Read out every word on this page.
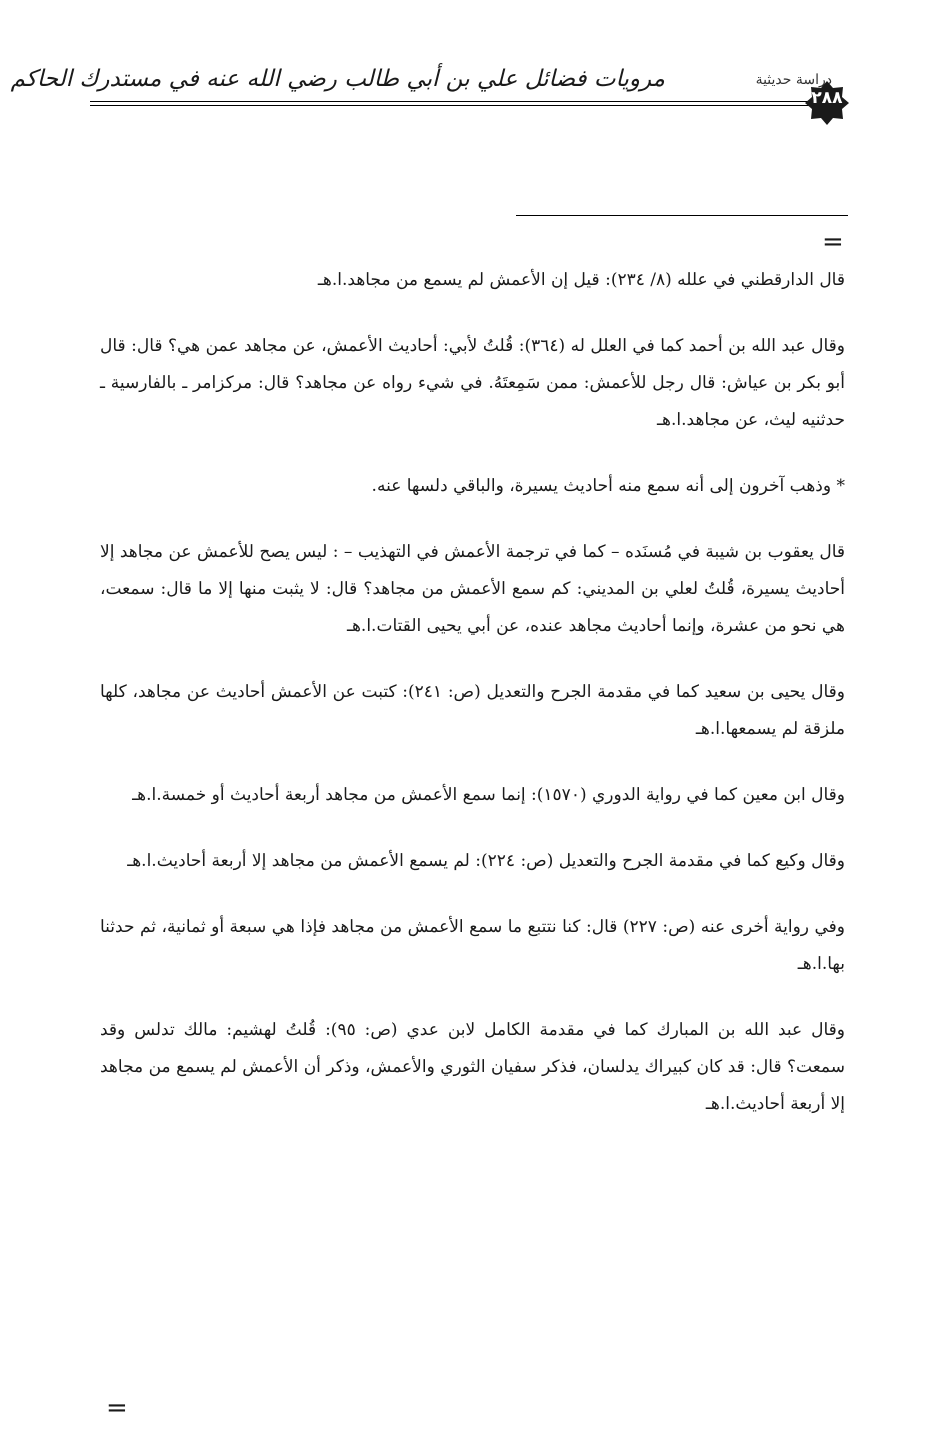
مرويات فضائل علي بن أبي طالب رضي الله عنه في مستدرك الحاكم	دراسة حديثية
٢٨٨
=

قال الدارقطني في علله (٨/ ٢٣٤): قيل إن الأعمش لم يسمع من مجاهد.ا.هـ

وقال عبد الله بن أحمد كما في العلل له (٣٦٤): قُلتُ لأبي: أحاديث الأعمش، عن مجاهد عمن هي؟ قال: قال أبو بكر بن عياش: قال رجل للأعمش: ممن سَمِعتَهُ. في شيء رواه عن مجاهد؟ قال: مركزامر ـ بالفارسية ـ حدثنيه ليث، عن مجاهد.ا.هـ

* وذهب آخرون إلى أنه سمع منه أحاديث يسيرة، والباقي دلسها عنه.

قال يعقوب بن شيبة في مُسنَده – كما في ترجمة الأعمش في التهذيب – : ليس يصح للأعمش عن مجاهد إلا أحاديث يسيرة، قُلتُ لعلي بن المديني: كم سمع الأعمش من مجاهد؟ قال: لا يثبت منها إلا ما قال: سمعت، هي نحو من عشرة، وإنما أحاديث مجاهد عنده، عن أبي يحيى القتات.ا.هـ

وقال يحيى بن سعيد كما في مقدمة الجرح والتعديل (ص: ٢٤١): كتبت عن الأعمش أحاديث عن مجاهد، كلها ملزقة لم يسمعها.ا.هـ

وقال ابن معين كما في رواية الدوري (١٥٧٠): إنما سمع الأعمش من مجاهد أربعة أحاديث أو خمسة.ا.هـ

وقال وكيع كما في مقدمة الجرح والتعديل (ص: ٢٢٤): لم يسمع الأعمش من مجاهد إلا أربعة أحاديث.ا.هـ

وفي رواية أخرى عنه (ص: ٢٢٧) قال: كنا نتتبع ما سمع الأعمش من مجاهد فإذا هي سبعة أو ثمانية، ثم حدثنا بها.ا.هـ

وقال عبد الله بن المبارك كما في مقدمة الكامل لابن عدي (ص: ٩٥): قُلتُ لهشيم: مالك تدلس وقد سمعت؟ قال: قد كان كبيراك يدلسان، فذكر سفيان الثوري والأعمش، وذكر أن الأعمش لم يسمع من مجاهد إلا أربعة أحاديث.ا.هـ

=
